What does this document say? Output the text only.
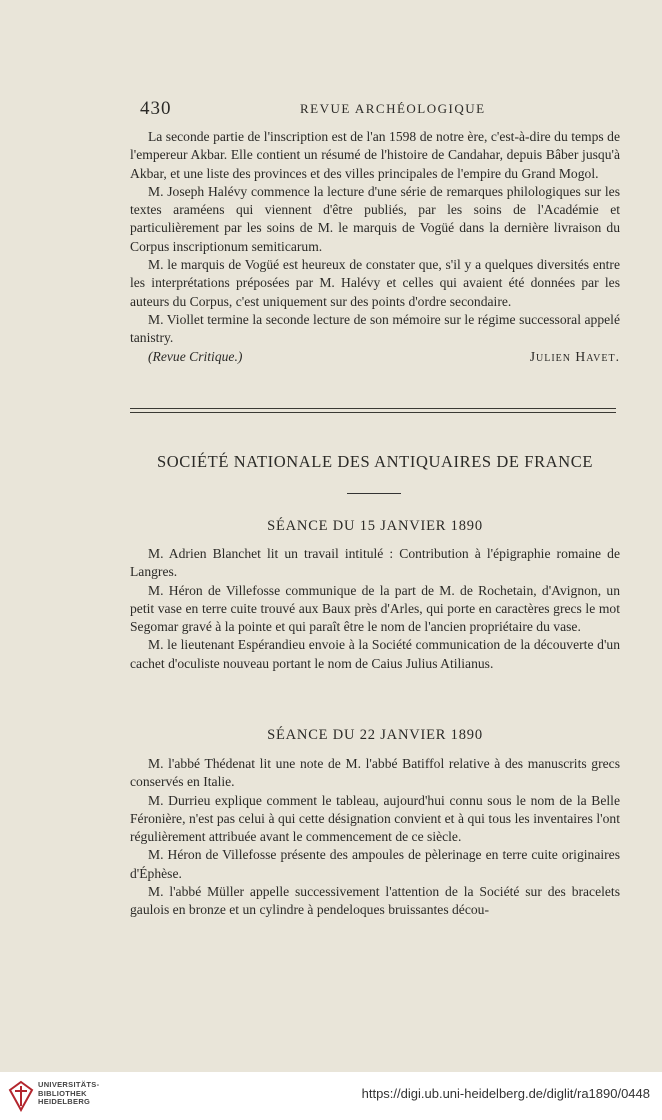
430	REVUE ARCHÉOLOGIQUE

La seconde partie de l'inscription est de l'an 1598 de notre ère, c'est-à-dire du temps de l'empereur Akbar. Elle contient un résumé de l'histoire de Candahar, depuis Bâber jusqu'à Akbar, et une liste des provinces et des villes principales de l'empire du Grand Mogol.

M. Joseph Halévy commence la lecture d'une série de remarques philologiques sur les textes araméens qui viennent d'être publiés, par les soins de l'Académie et particulièrement par les soins de M. le marquis de Vogüé dans la dernière livraison du Corpus inscriptionum semiticarum.

M. le marquis de Vogüé est heureux de constater que, s'il y a quelques diversités entre les interprétations préposées par M. Halévy et celles qui avaient été données par les auteurs du Corpus, c'est uniquement sur des points d'ordre secondaire.

M. Viollet termine la seconde lecture de son mémoire sur le régime successoral appelé tanistry.

(Revue Critique.)	Julien Havet.
SOCIÉTÉ NATIONALE DES ANTIQUAIRES DE FRANCE
SÉANCE DU 15 JANVIER 1890

M. Adrien Blanchet lit un travail intitulé : Contribution à l'épigraphie romaine de Langres.

M. Héron de Villefosse communique de la part de M. de Rochetain, d'Avignon, un petit vase en terre cuite trouvé aux Baux près d'Arles, qui porte en caractères grecs le mot Segomar gravé à la pointe et qui paraît être le nom de l'ancien propriétaire du vase.

M. le lieutenant Espérandieu envoie à la Société communication de la découverte d'un cachet d'oculiste nouveau portant le nom de Caius Julius Atilianus.

SÉANCE DU 22 JANVIER 1890

M. l'abbé Thédenat lit une note de M. l'abbé Batiffol relative à des manuscrits grecs conservés en Italie.

M. Durrieu explique comment le tableau, aujourd'hui connu sous le nom de la Belle Féronière, n'est pas celui à qui cette désignation convient et à qui tous les inventaires l'ont régulièrement attribuée avant le commencement de ce siècle.

M. Héron de Villefosse présente des ampoules de pèlerinage en terre cuite originaires d'Éphèse.

M. l'abbé Müller appelle successivement l'attention de la Société sur des bracelets gaulois en bronze et un cylindre à pendeloques bruissantes décou-

UNIVERSITÄTS-
BIBLIOTHEK
HEIDELBERG
https://digi.ub.uni-heidelberg.de/diglit/ra1890/0448
